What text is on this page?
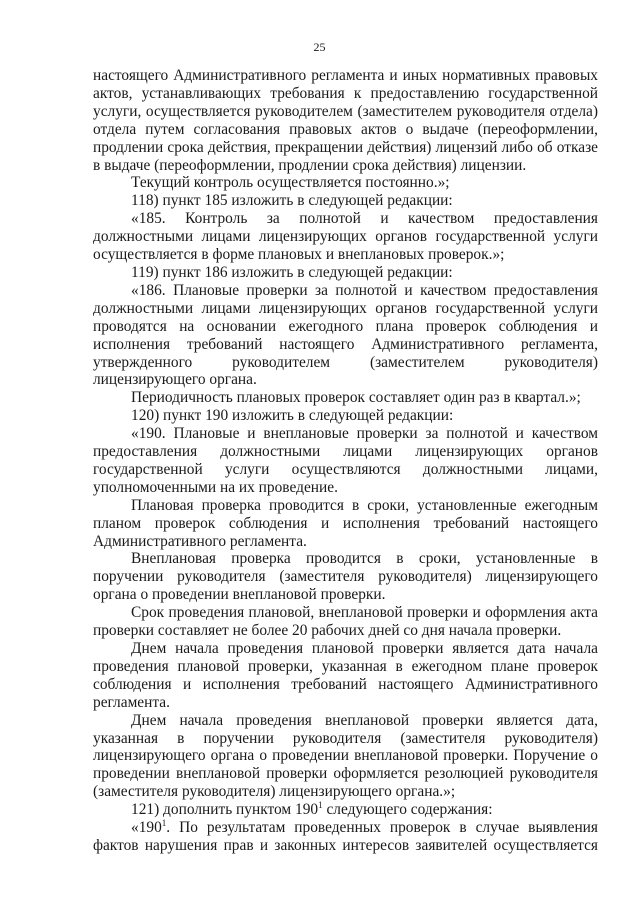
25

настоящего Административного регламента и иных нормативных правовых актов, устанавливающих требования к предоставлению государственной услуги, осуществляется руководителем (заместителем руководителя отдела) отдела путем согласования правовых актов о выдаче (переоформлении, продлении срока действия, прекращении действия) лицензий либо об отказе в выдаче (переоформлении, продлении срока действия) лицензии.

Текущий контроль осуществляется постоянно.»;

118) пункт 185 изложить в следующей редакции:

«185. Контроль за полнотой и качеством предоставления должностными лицами лицензирующих органов государственной услуги осуществляется в форме плановых и внеплановых проверок.»;

119) пункт 186 изложить в следующей редакции:

«186. Плановые проверки за полнотой и качеством предоставления должностными лицами лицензирующих органов государственной услуги проводятся на основании ежегодного плана проверок соблюдения и исполнения требований настоящего Административного регламента, утвержденного руководителем (заместителем руководителя) лицензирующего органа.

Периодичность плановых проверок составляет один раз в квартал.»;

120) пункт 190 изложить в следующей редакции:

«190. Плановые и внеплановые проверки за полнотой и качеством предоставления должностными лицами лицензирующих органов государственной услуги осуществляются должностными лицами, уполномоченными на их проведение.

Плановая проверка проводится в сроки, установленные ежегодным планом проверок соблюдения и исполнения требований настоящего Административного регламента.

Внеплановая проверка проводится в сроки, установленные в поручении руководителя (заместителя руководителя) лицензирующего органа о проведении внеплановой проверки.

Срок проведения плановой, внеплановой проверки и оформления акта проверки составляет не более 20 рабочих дней со дня начала проверки.

Днем начала проведения плановой проверки является дата начала проведения плановой проверки, указанная в ежегодном плане проверок соблюдения и исполнения требований настоящего Административного регламента.

Днем начала проведения внеплановой проверки является дата, указанная в поручении руководителя (заместителя руководителя) лицензирующего органа о проведении внеплановой проверки. Поручение о проведении внеплановой проверки оформляется резолюцией руководителя (заместителя руководителя) лицензирующего органа.»;

121) дополнить пунктом $190^1$ следующего содержания:

«$190^1$. По результатам проведенных проверок в случае выявления фактов нарушения прав и законных интересов заявителей осуществляется
